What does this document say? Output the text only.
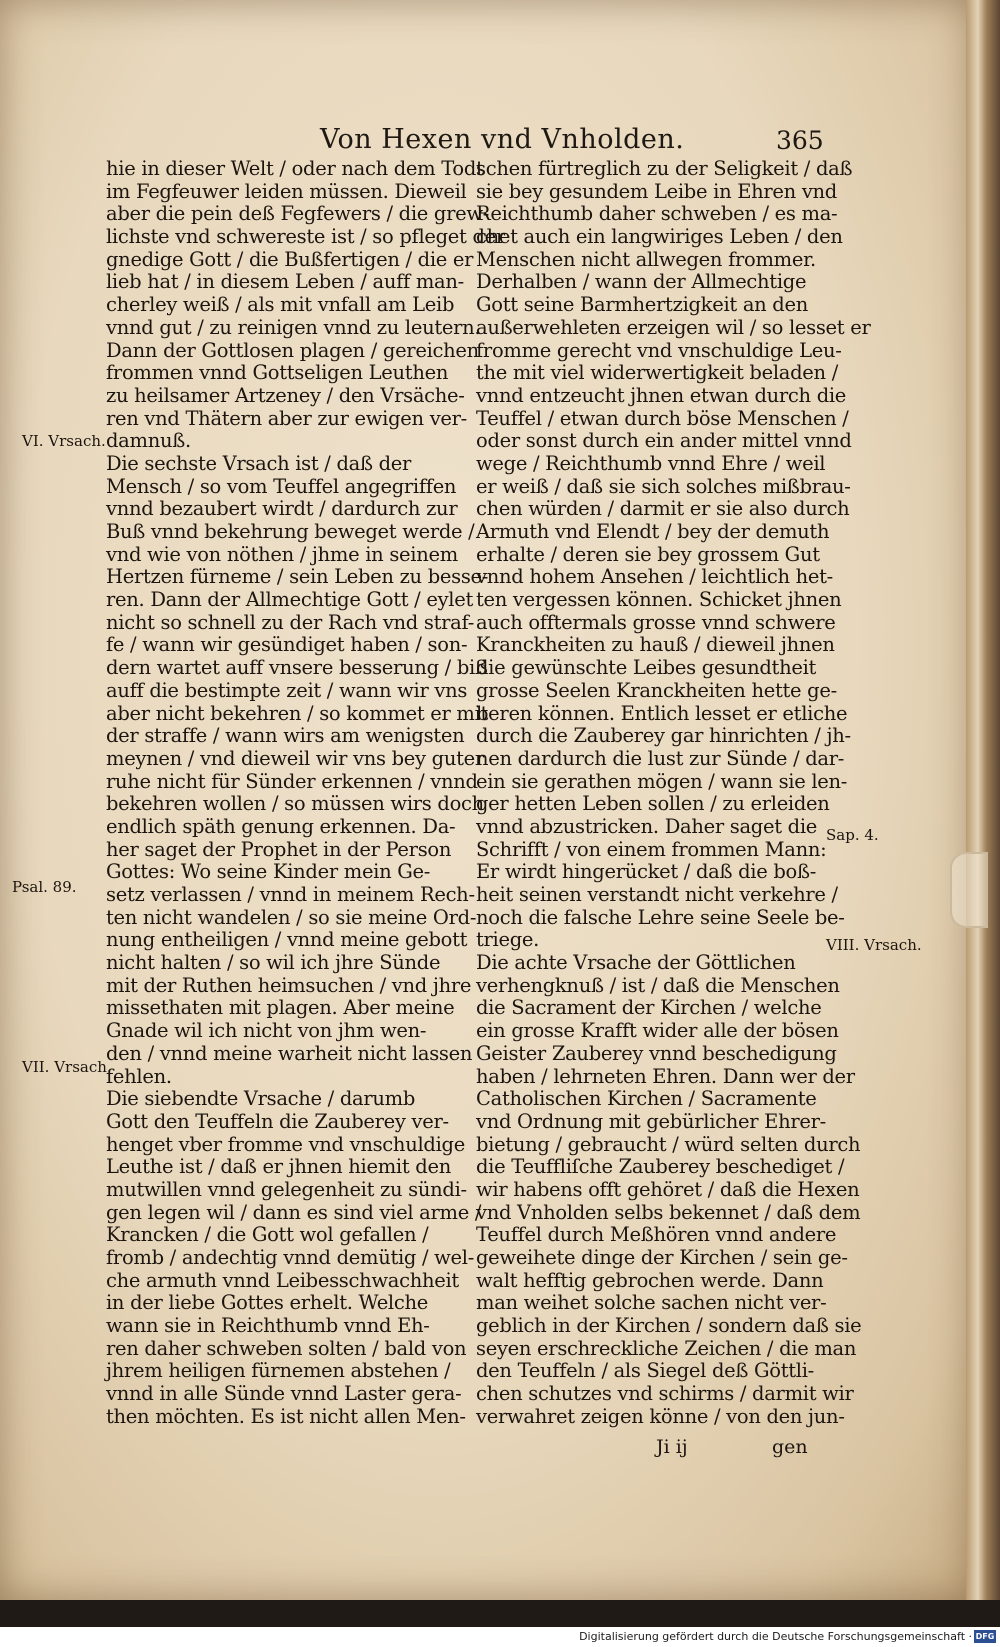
Von Hexen vnd Vnholden.	365
hie in dieser Welt / oder nach dem Todt
im Fegfeuwer leiden müssen. Dieweil
aber die pein deß Fegfewers / die grew-
lichste vnd schwereste ist / so pfleget der
gnedige Gott / die Bußfertigen / die er
lieb hat / in diesem Leben / auff man-
cherley weiß / als mit vnfall am Leib
vnnd gut / zu reinigen vnnd zu leutern.
Dann der Gottlosen plagen / gereichen
frommen vnnd Gottseligen Leuthen
zu heilsamer Artzeney / den Vrsäche-
ren vnd Thätern aber zur ewigen ver-
damnuß.
Die sechste Vrsach ist / daß der
Mensch / so vom Teuffel angegriffen
vnnd bezaubert wirdt / dardurch zur
Buß vnnd bekehrung beweget werde /
vnd wie von nöthen / jhme in seinem
Hertzen fürneme / sein Leben zu besse-
ren. Dann der Allmechtige Gott / eylet
nicht so schnell zu der Rach vnd straf-
fe / wann wir gesündiget haben / son-
dern wartet auff vnsere besserung / biß
auff die bestimpte zeit / wann wir vns
aber nicht bekehren / so kommet er mit
der straffe / wann wirs am wenigsten
meynen / vnd dieweil wir vns bey guter
ruhe nicht für Sünder erkennen / vnnd
bekehren wollen / so müssen wirs doch
endlich späth genung erkennen. Da-
her saget der Prophet in der Person
Gottes: Wo seine Kinder mein Ge-
setz verlassen / vnnd in meinem Rech-
ten nicht wandelen / so sie meine Ord-
nung entheiligen / vnnd meine gebott
nicht halten / so wil ich jhre Sünde
mit der Ruthen heimsuchen / vnd jhre
missethaten mit plagen. Aber meine
Gnade wil ich nicht von jhm wen-
den / vnnd meine warheit nicht lassen
fehlen.
Die siebendte Vrsache / darumb
Gott den Teuffeln die Zauberey ver-
henget vber fromme vnd vnschuldige
Leuthe ist / daß er jhnen hiemit den
mutwillen vnnd gelegenheit zu sündi-
gen legen wil / dann es sind viel arme /
Krancken / die Gott wol gefallen /
fromb / andechtig vnnd demütig / wel-
che armuth vnnd Leibesschwachheit
in der liebe Gottes erhelt. Welche
wann sie in Reichthumb vnnd Eh-
ren daher schweben solten / bald von
jhrem heiligen fürnemen abstehen /
vnnd in alle Sünde vnnd Laster gera-
then möchten. Es ist nicht allen Men-
schen fürtreglich zu der Seligkeit / daß
sie bey gesundem Leibe in Ehren vnd
Reichthumb daher schweben / es ma-
chet auch ein langwiriges Leben / den
Menschen nicht allwegen frommer.
Derhalben / wann der Allmechtige
Gott seine Barmhertzigkeit an den
außerwehleten erzeigen wil / so lesset er
fromme gerecht vnd vnschuldige Leu-
the mit viel widerwertigkeit beladen /
vnnd entzeucht jhnen etwan durch die
Teuffel / etwan durch böse Menschen /
oder sonst durch ein ander mittel vnnd
wege / Reichthumb vnnd Ehre / weil
er weiß / daß sie sich solches mißbrau-
chen würden / darmit er sie also durch
Armuth vnd Elendt / bey der demuth
erhalte / deren sie bey grossem Gut
vnnd hohem Ansehen / leichtlich het-
ten vergessen können. Schicket jhnen
auch offtermals grosse vnnd schwere
Kranckheiten zu hauß / dieweil jhnen
die gewünschte Leibes gesundtheit
grosse Seelen Kranckheiten hette ge-
beren können. Entlich lesset er etliche
durch die Zauberey gar hinrichten / jh-
nen dardurch die lust zur Sünde / dar-
ein sie gerathen mögen / wann sie len-
ger hetten Leben sollen / zu erleiden
vnnd abzustricken. Daher saget die
Schrifft / von einem frommen Mann:
Er wirdt hingerücket / daß die boß-
heit seinen verstandt nicht verkehre /
noch die falsche Lehre seine Seele be-
triege.
Die achte Vrsache der Göttlichen
verhengknuß / ist / daß die Menschen
die Sacrament der Kirchen / welche
ein grosse Krafft wider alle der bösen
Geister Zauberey vnnd beschedigung
haben / lehrneten Ehren. Dann wer der
Catholischen Kirchen / Sacramente
vnd Ordnung mit gebürlicher Ehrer-
bietung / gebraucht / würd selten durch
die Teuffliſche Zauberey beschediget /
wir habens offt gehöret / daß die Hexen
vnd Vnholden selbs bekennet / daß dem
Teuffel durch Meßhören vnnd andere
geweihete dinge der Kirchen / sein ge-
walt hefftig gebrochen werde. Dann
man weihet solche sachen nicht ver-
geblich in der Kirchen / sondern daß sie
seyen erschreckliche Zeichen / die man
den Teuffeln / als Siegel deß Göttli-
chen schutzes vnd schirms / darmit wir
verwahret zeigen könne / von den jun-
VI. Vrsach.
Psal. 89.
VII. Vrsach.
Sap. 4.
VIII. Vrsach.
Ji ij	gen
Digitalisierung gefördert durch die Deutsche Forschungsgemeinschaft · DFG
